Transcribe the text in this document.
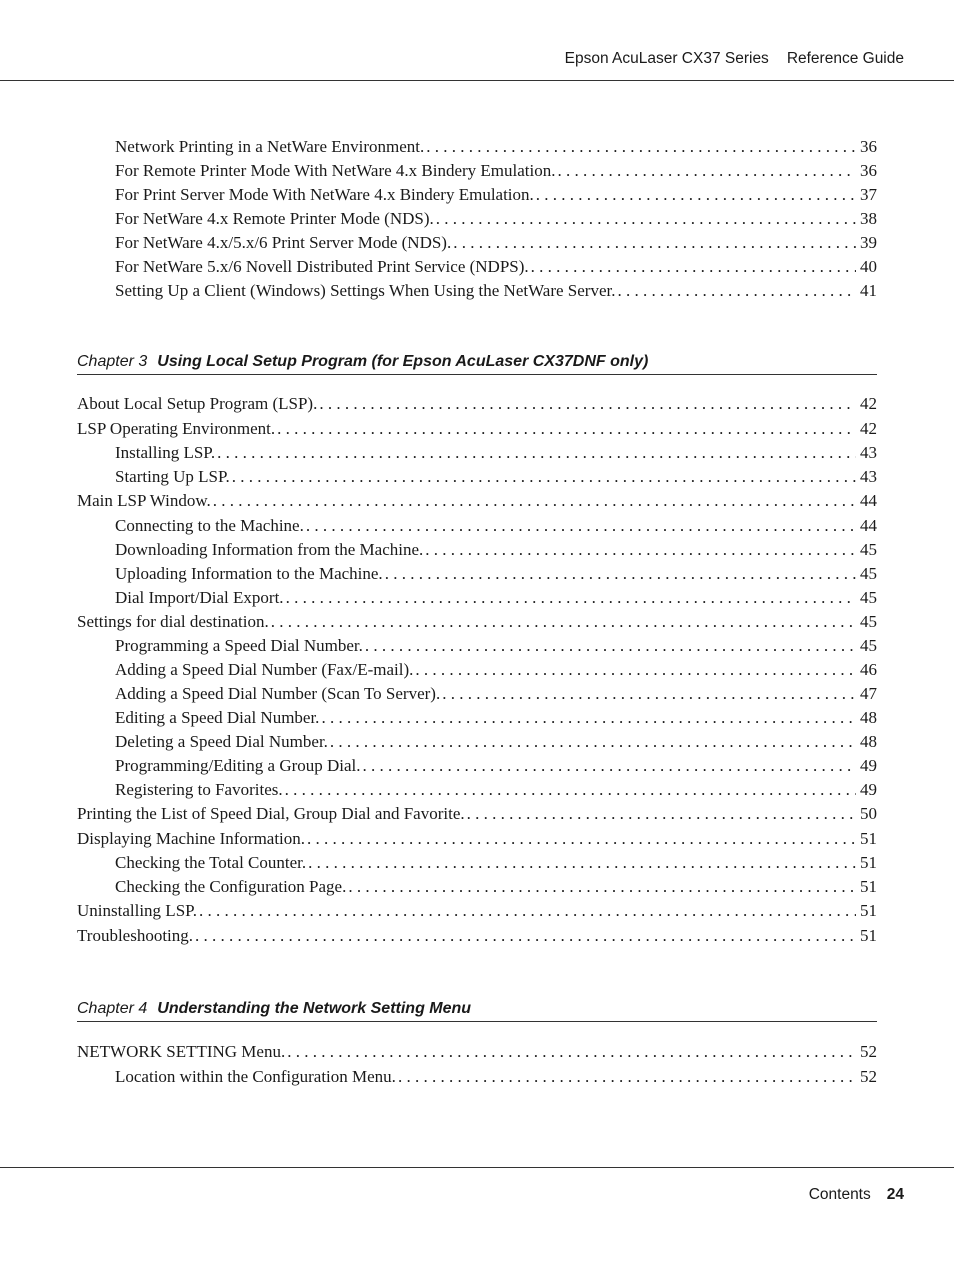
Epson AcuLaser CX37 Series Reference Guide
Network Printing in a NetWare Environment. . . .	36
For Remote Printer Mode With NetWare 4.x Bindery Emulation. . . .	36
For Print Server Mode With NetWare 4.x Bindery Emulation. . . .	37
For NetWare 4.x Remote Printer Mode (NDS). . . .	38
For NetWare 4.x/5.x/6 Print Server Mode (NDS). . . .	39
For NetWare 5.x/6 Novell Distributed Print Service (NDPS). . . .	40
Setting Up a Client (Windows) Settings When Using the NetWare Server. . . .	41
Chapter 3 Using Local Setup Program (for Epson AcuLaser CX37DNF only)
About Local Setup Program (LSP). . . .	42
LSP Operating Environment. . . .	42
Installing LSP. . . .	43
Starting Up LSP. . . .	43
Main LSP Window. . . .	44
Connecting to the Machine. . . .	44
Downloading Information from the Machine. . . .	45
Uploading Information to the Machine. . . .	45
Dial Import/Dial Export. . . .	45
Settings for dial destination. . . .	45
Programming a Speed Dial Number. . . .	45
Adding a Speed Dial Number (Fax/E-mail). . . .	46
Adding a Speed Dial Number (Scan To Server). . . .	47
Editing a Speed Dial Number. . . .	48
Deleting a Speed Dial Number. . . .	48
Programming/Editing a Group Dial. . . .	49
Registering to Favorites. . . .	49
Printing the List of Speed Dial, Group Dial and Favorite. . . .	50
Displaying Machine Information. . . .	51
Checking the Total Counter. . . .	51
Checking the Configuration Page. . . .	51
Uninstalling LSP. . . .	51
Troubleshooting. . . .	51
Chapter 4 Understanding the Network Setting Menu
NETWORK SETTING Menu. . . .	52
Location within the Configuration Menu. . . .	52
Contents 24
